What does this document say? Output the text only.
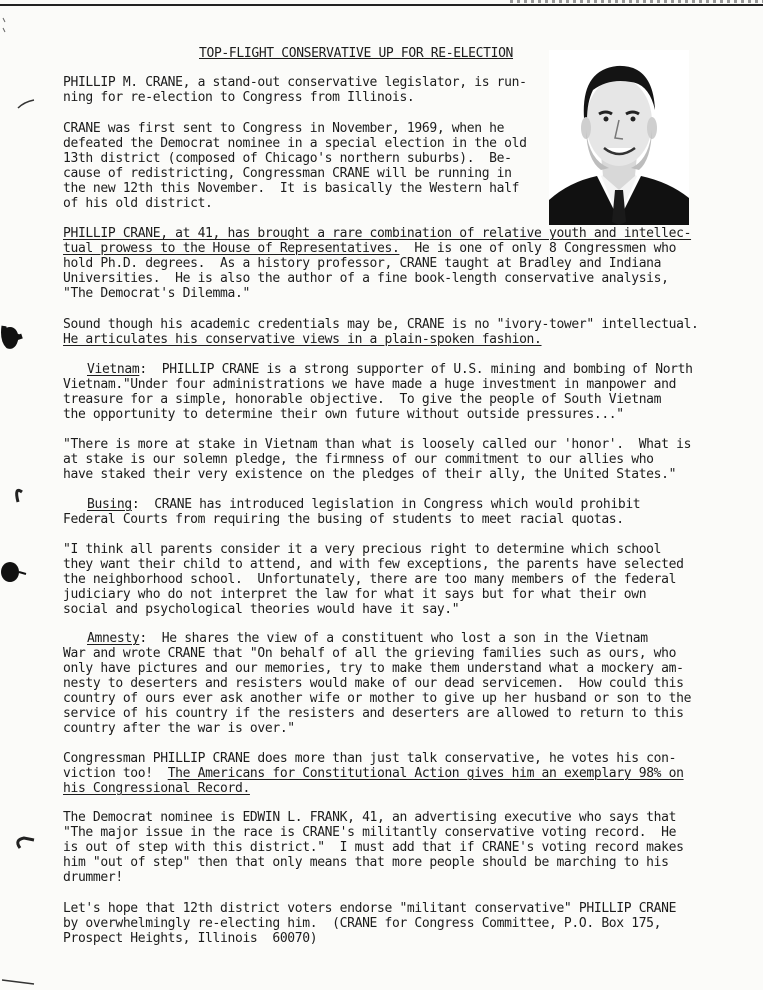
TOP-FLIGHT CONSERVATIVE UP FOR RE-ELECTION
PHILLIP M. CRANE, a stand-out conservative legislator, is run-
ning for re-election to Congress from Illinois.
CRANE was first sent to Congress in November, 1969, when he
defeated the Democrat nominee in a special election in the old
13th district (composed of Chicago's northern suburbs).  Be-
cause of redistricting, Congressman CRANE will be running in
the new 12th this November.  It is basically the Western half
of his old district.
PHILLIP CRANE, at 41, has brought a rare combination of relative youth and intellec-
tual prowess to the House of Representatives.  He is one of only 8 Congressmen who
hold Ph.D. degrees.  As a history professor, CRANE taught at Bradley and Indiana
Universities.  He is also the author of a fine book-length conservative analysis,
"The Democrat's Dilemma."
Sound though his academic credentials may be, CRANE is no "ivory-tower" intellectual.
He articulates his conservative views in a plain-spoken fashion.
Vietnam:  PHILLIP CRANE is a strong supporter of U.S. mining and bombing of North
Vietnam."Under four administrations we have made a huge investment in manpower and
treasure for a simple, honorable objective.  To give the people of South Vietnam
the opportunity to determine their own future without outside pressures..."
"There is more at stake in Vietnam than what is loosely called our 'honor'.  What is
at stake is our solemn pledge, the firmness of our commitment to our allies who
have staked their very existence on the pledges of their ally, the United States."
Busing:  CRANE has introduced legislation in Congress which would prohibit
Federal Courts from requiring the busing of students to meet racial quotas.
"I think all parents consider it a very precious right to determine which school
they want their child to attend, and with few exceptions, the parents have selected
the neighborhood school.  Unfortunately, there are too many members of the federal
judiciary who do not interpret the law for what it says but for what their own
social and psychological theories would have it say."
Amnesty:  He shares the view of a constituent who lost a son in the Vietnam
War and wrote CRANE that "On behalf of all the grieving families such as ours, who
only have pictures and our memories, try to make them understand what a mockery am-
nesty to deserters and resisters would make of our dead servicemen.  How could this
country of ours ever ask another wife or mother to give up her husband or son to the
service of his country if the resisters and deserters are allowed to return to this
country after the war is over."
Congressman PHILLIP CRANE does more than just talk conservative, he votes his con-
viction too!  The Americans for Constitutional Action gives him an exemplary 98% on
his Congressional Record.
The Democrat nominee is EDWIN L. FRANK, 41, an advertising executive who says that
"The major issue in the race is CRANE's militantly conservative voting record.  He
is out of step with this district."  I must add that if CRANE's voting record makes
him "out of step" then that only means that more people should be marching to his
drummer!
Let's hope that 12th district voters endorse "militant conservative" PHILLIP CRANE
by overwhelmingly re-electing him.  (CRANE for Congress Committee, P.O. Box 175,
Prospect Heights, Illinois  60070)
